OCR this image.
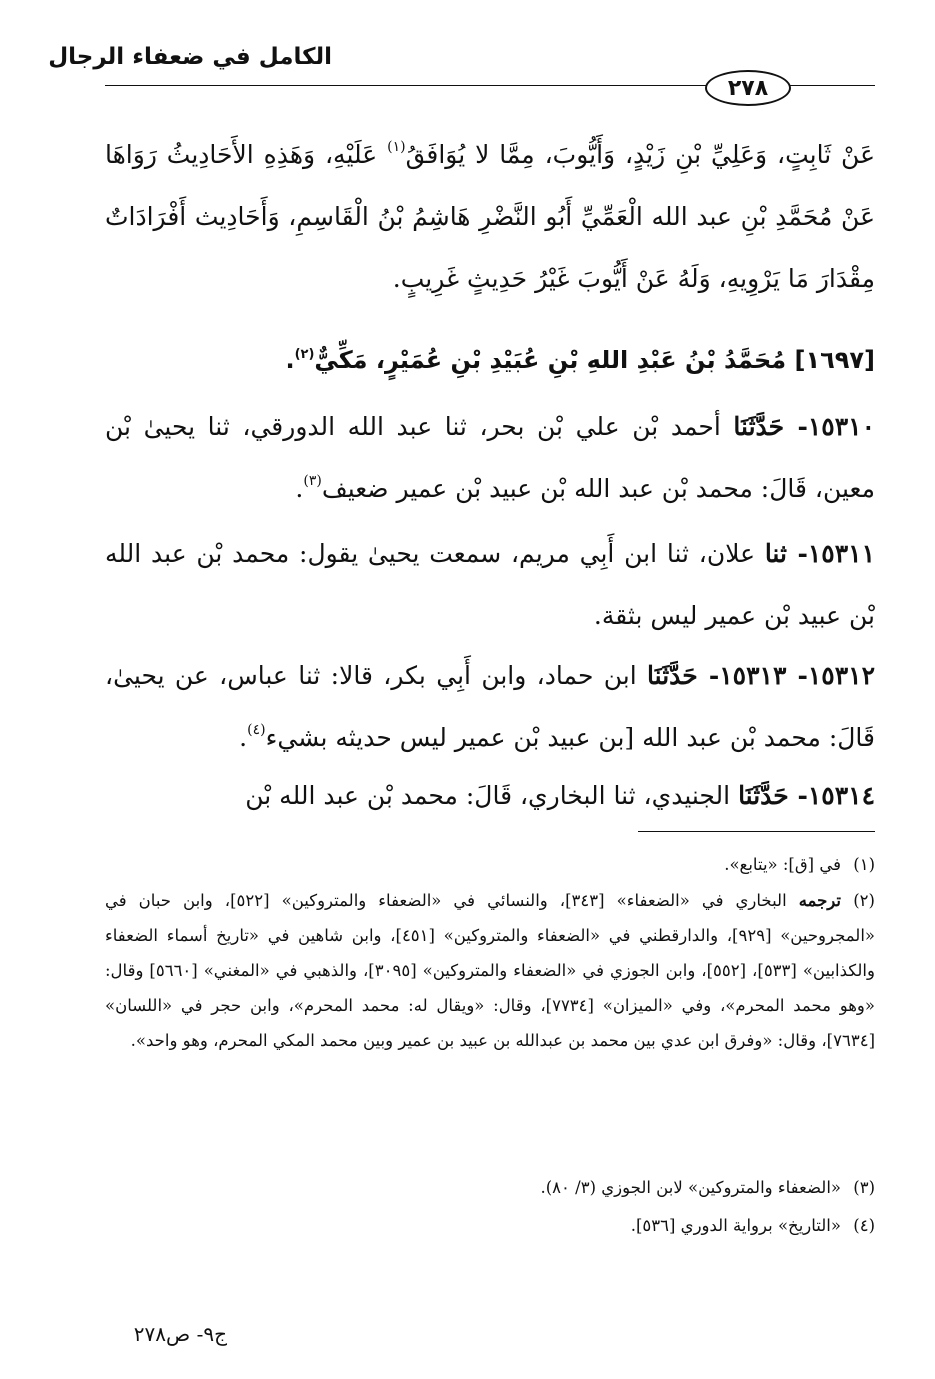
الكامل في ضعفاء الرجال
٢٧٨
عَنْ ثَابِتٍ، وَعَلِيِّ بْنِ زَيْدٍ، وَأَيُّوبَ، مِمَّا لا يُوَافَقُ$^{(١)}$ عَلَيْهِ، وَهَذِهِ الأَحَادِيثُ رَوَاهَا عَنْ مُحَمَّدِ بْنِ عبد الله الْعَمِّيِّ أَبُو النَّضْرِ هَاشِمُ بْنُ الْقَاسِمِ، وَأَحَادِيث أَفْرَادَاتٌ مِقْدَارَ مَا يَرْوِيهِ، وَلَهُ عَنْ أَيُّوبَ غَيْرُ حَدِيثٍ غَرِيبٍ.
[١٦٩٧] مُحَمَّدُ بْنُ عَبْدِ اللهِ بْنِ عُبَيْدِ بْنِ عُمَيْرٍ، مَكِّيٌّ$^{(٢)}$.
١٥٣١٠- حَدَّثَنَا أحمد بْن علي بْن بحر، ثنا عبد الله الدورقي، ثنا يحيىٰ بْن معين، قَالَ: محمد بْن عبد الله بْن عبيد بْن عمير ضعيف$^{(٣)}$.
١٥٣١١- ثنا علان، ثنا ابن أَبِي مريم، سمعت يحيىٰ يقول: محمد بْن عبد الله بْن عبيد بْن عمير ليس بثقة.
١٥٣١٢- ١٥٣١٣- حَدَّثَنَا ابن حماد، وابن أَبِي بكر، قالا: ثنا عباس، عن يحيىٰ، قَالَ: محمد بْن عبد الله [بن عبيد بْن عمير ليس حديثه بشيء$^{(٤)}$.
١٥٣١٤- حَدَّثَنَا الجنيدي، ثنا البخاري، قَالَ: محمد بْن عبد الله بْن
(١)في [ق]: «يتابع».
(٢)ترجمه البخاري في «الضعفاء» [٣٤٣]، والنسائي في «الضعفاء والمتروكين» [٥٢٢]، وابن حبان في «المجروحين» [٩٢٩]، والدارقطني في «الضعفاء والمتروكين» [٤٥١]، وابن شاهين في «تاريخ أسماء الضعفاء والكذابين» [٥٣٣]، [٥٥٢]، وابن الجوزي في «الضعفاء والمتروكين» [٣٠٩٥]، والذهبي في «المغني» [٥٦٦٠] وقال: «وهو محمد المحرم»، وفي «الميزان» [٧٧٣٤]، وقال: «ويقال له: محمد المحرم»، وابن حجر في «اللسان» [٧٦٣٤]، وقال: «وفرق ابن عدي بين محمد بن عبدالله بن عبيد بن عمير وبين محمد المكي المحرم، وهو واحد».
(٣)«الضعفاء والمتروكين» لابن الجوزي (٣/ ٨٠).
(٤)«التاريخ» برواية الدوري [٥٣٦].
ج٩- ص٢٧٨
